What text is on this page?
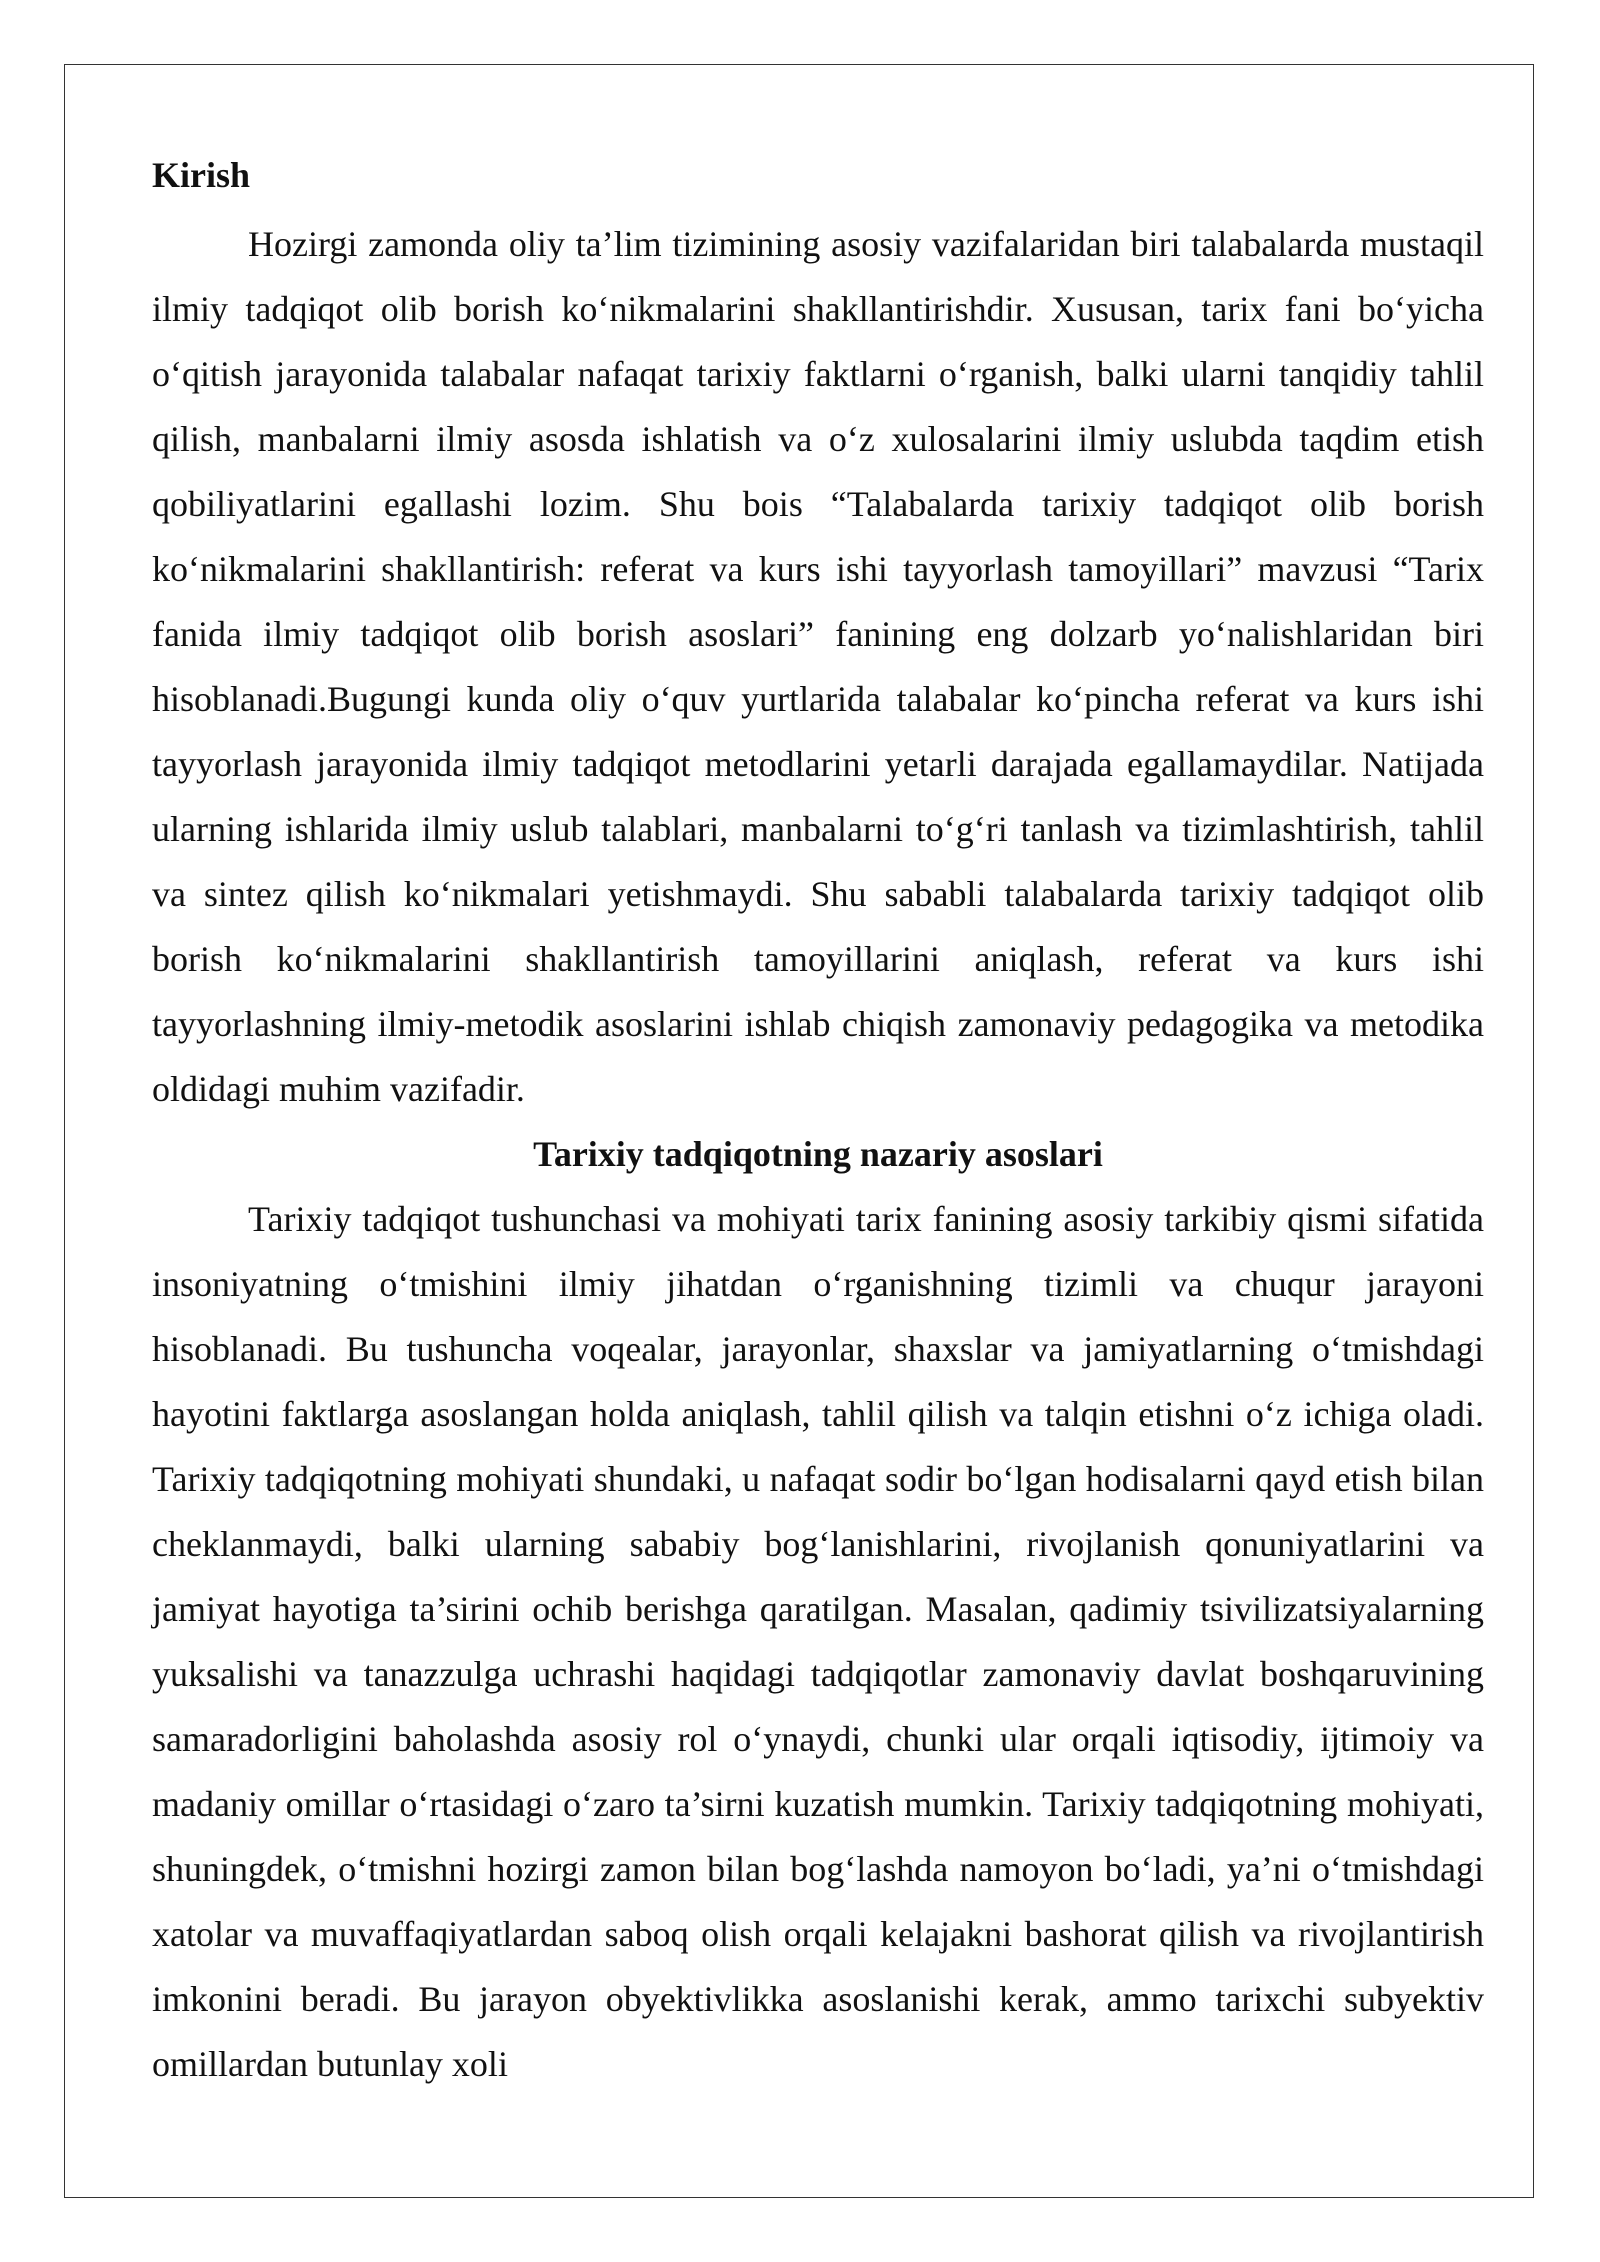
Kirish

Hozirgi zamonda oliy ta’lim tizimining asosiy vazifalaridan biri talabalarda mustaqil ilmiy tadqiqot olib borish ko‘nikmalarini shakllantirishdir. Xususan, tarix fani bo‘yicha o‘qitish jarayonida talabalar nafaqat tarixiy faktlarni o‘rganish, balki ularni tanqidiy tahlil qilish, manbalarni ilmiy asosda ishlatish va o‘z xulosalarini ilmiy uslubda taqdim etish qobiliyatlarini egallashi lozim. Shu bois “Talabalarda tarixiy tadqiqot olib borish ko‘nikmalarini shakllantirish: referat va kurs ishi tayyorlash tamoyillari” mavzusi “Tarix fanida ilmiy tadqiqot olib borish asoslari” fanining eng dolzarb yo‘nalishlaridan biri hisoblanadi.Bugungi kunda oliy o‘quv yurtlarida talabalar ko‘pincha referat va kurs ishi tayyorlash jarayonida ilmiy tadqiqot metodlarini yetarli darajada egallamaydilar. Natijada ularning ishlarida ilmiy uslub talablari, manbalarni to‘g‘ri tanlash va tizimlashtirish, tahlil va sintez qilish ko‘nikmalari yetishmaydi. Shu sababli talabalarda tarixiy tadqiqot olib borish ko‘nikmalarini shakllantirish tamoyillarini aniqlash, referat va kurs ishi tayyorlashning ilmiy-metodik asoslarini ishlab chiqish zamonaviy pedagogika va metodika oldidagi muhim vazifadir.

Tarixiy tadqiqotning nazariy asoslari

Tarixiy tadqiqot tushunchasi va mohiyati tarix fanining asosiy tarkibiy qismi sifatida insoniyatning o‘tmishini ilmiy jihatdan o‘rganishning tizimli va chuqur jarayoni hisoblanadi. Bu tushuncha voqealar, jarayonlar, shaxslar va jamiyatlarning o‘tmishdagi hayotini faktlarga asoslangan holda aniqlash, tahlil qilish va talqin etishni o‘z ichiga oladi. Tarixiy tadqiqotning mohiyati shundaki, u nafaqat sodir bo‘lgan hodisalarni qayd etish bilan cheklanmaydi, balki ularning sababiy bog‘lanishlarini, rivojlanish qonuniyatlarini va jamiyat hayotiga ta’sirini ochib berishga qaratilgan. Masalan, qadimiy tsivilizatsiyalarning yuksalishi va tanazzulga uchrashi haqidagi tadqiqotlar zamonaviy davlat boshqaruvining samaradorligini baholashda asosiy rol o‘ynaydi, chunki ular orqali iqtisodiy, ijtimoiy va madaniy omillar o‘rtasidagi o‘zaro ta’sirni kuzatish mumkin. Tarixiy tadqiqotning mohiyati, shuningdek, o‘tmishni hozirgi zamon bilan bog‘lashda namoyon bo‘ladi, ya’ni o‘tmishdagi xatolar va muvaffaqiyatlardan saboq olish orqali kelajakni bashorat qilish va rivojlantirish imkonini beradi. Bu jarayon obyektivlikka asoslanishi kerak, ammo tarixchi subyektiv omillardan butunlay xoli
